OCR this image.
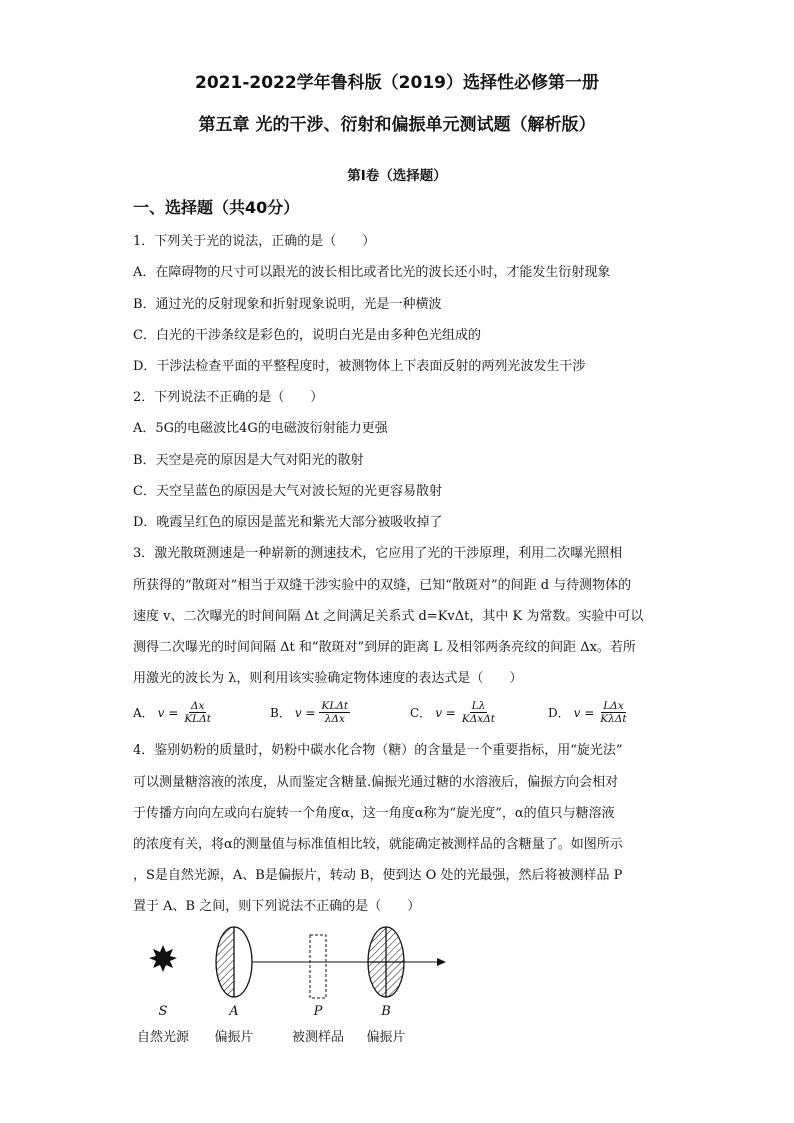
2021-2022学年鲁科版（2019）选择性必修第一册
第五章 光的干涉、衍射和偏振单元测试题（解析版）
第Ⅰ卷（选择题）
一、选择题（共40分）
1．下列关于光的说法，正确的是（　　）
A．在障碍物的尺寸可以跟光的波长相比或者比光的波长还小时，才能发生衍射现象
B．通过光的反射现象和折射现象说明，光是一种横波
C．白光的干涉条纹是彩色的，说明白光是由多种色光组成的
D．干涉法检查平面的平整程度时，被测物体上下表面反射的两列光波发生干涉
2．下列说法不正确的是（　　）
A．5G的电磁波比4G的电磁波衍射能力更强
B．天空是亮的原因是大气对阳光的散射
C．天空呈蓝色的原因是大气对波长短的光更容易散射
D．晚霞呈红色的原因是蓝光和紫光大部分被吸收掉了
3．激光散斑测速是一种崭新的测速技术，它应用了光的干涉原理，利用二次曝光照相
所获得的“散斑对”相当于双缝干涉实验中的双缝，已知“散斑对”的间距 d 与待测物体的
速度 v、二次曝光的时间间隔 Δt 之间满足关系式 d=KvΔt，其中 K 为常数。实验中可以
测得二次曝光的时间间隔 Δt 和“散斑对”到屏的距离 L 及相邻两条亮纹的间距 Δx。若所
用激光的波长为 λ，则利用该实验确定物体速度的表达式是（　　）
A． $v = \frac{\Delta x}{\text{KLΔt}}$	B． $v = \frac{\text{KLΔt}}{\text{λΔx}}$	C． $v = \frac{L\lambda}{\text{KΔxΔt}}$	D． $v = \frac{\text{LΔx}}{\text{KλΔt}}$
4．鉴别奶粉的质量时，奶粉中碳水化合物（糖）的含量是一个重要指标，用“旋光法”
可以测量糖溶液的浓度，从而鉴定含糖量.偏振光通过糖的水溶液后，偏振方向会相对
于传播方向向左或向右旋转一个角度α，这一角度α称为“旋光度”，α的值只与糖溶液
的浓度有关，将α的测量值与标准值相比较，就能确定被测样品的含糖量了。如图所示
，S是自然光源，A、B是偏振片，转动 B，使到达 O 处的光最强，然后将被测样品 P
置于 A、B 之间，则下列说法不正确的是（　　）
S	A	P	B
自然光源	偏振片	被测样品	偏振片
